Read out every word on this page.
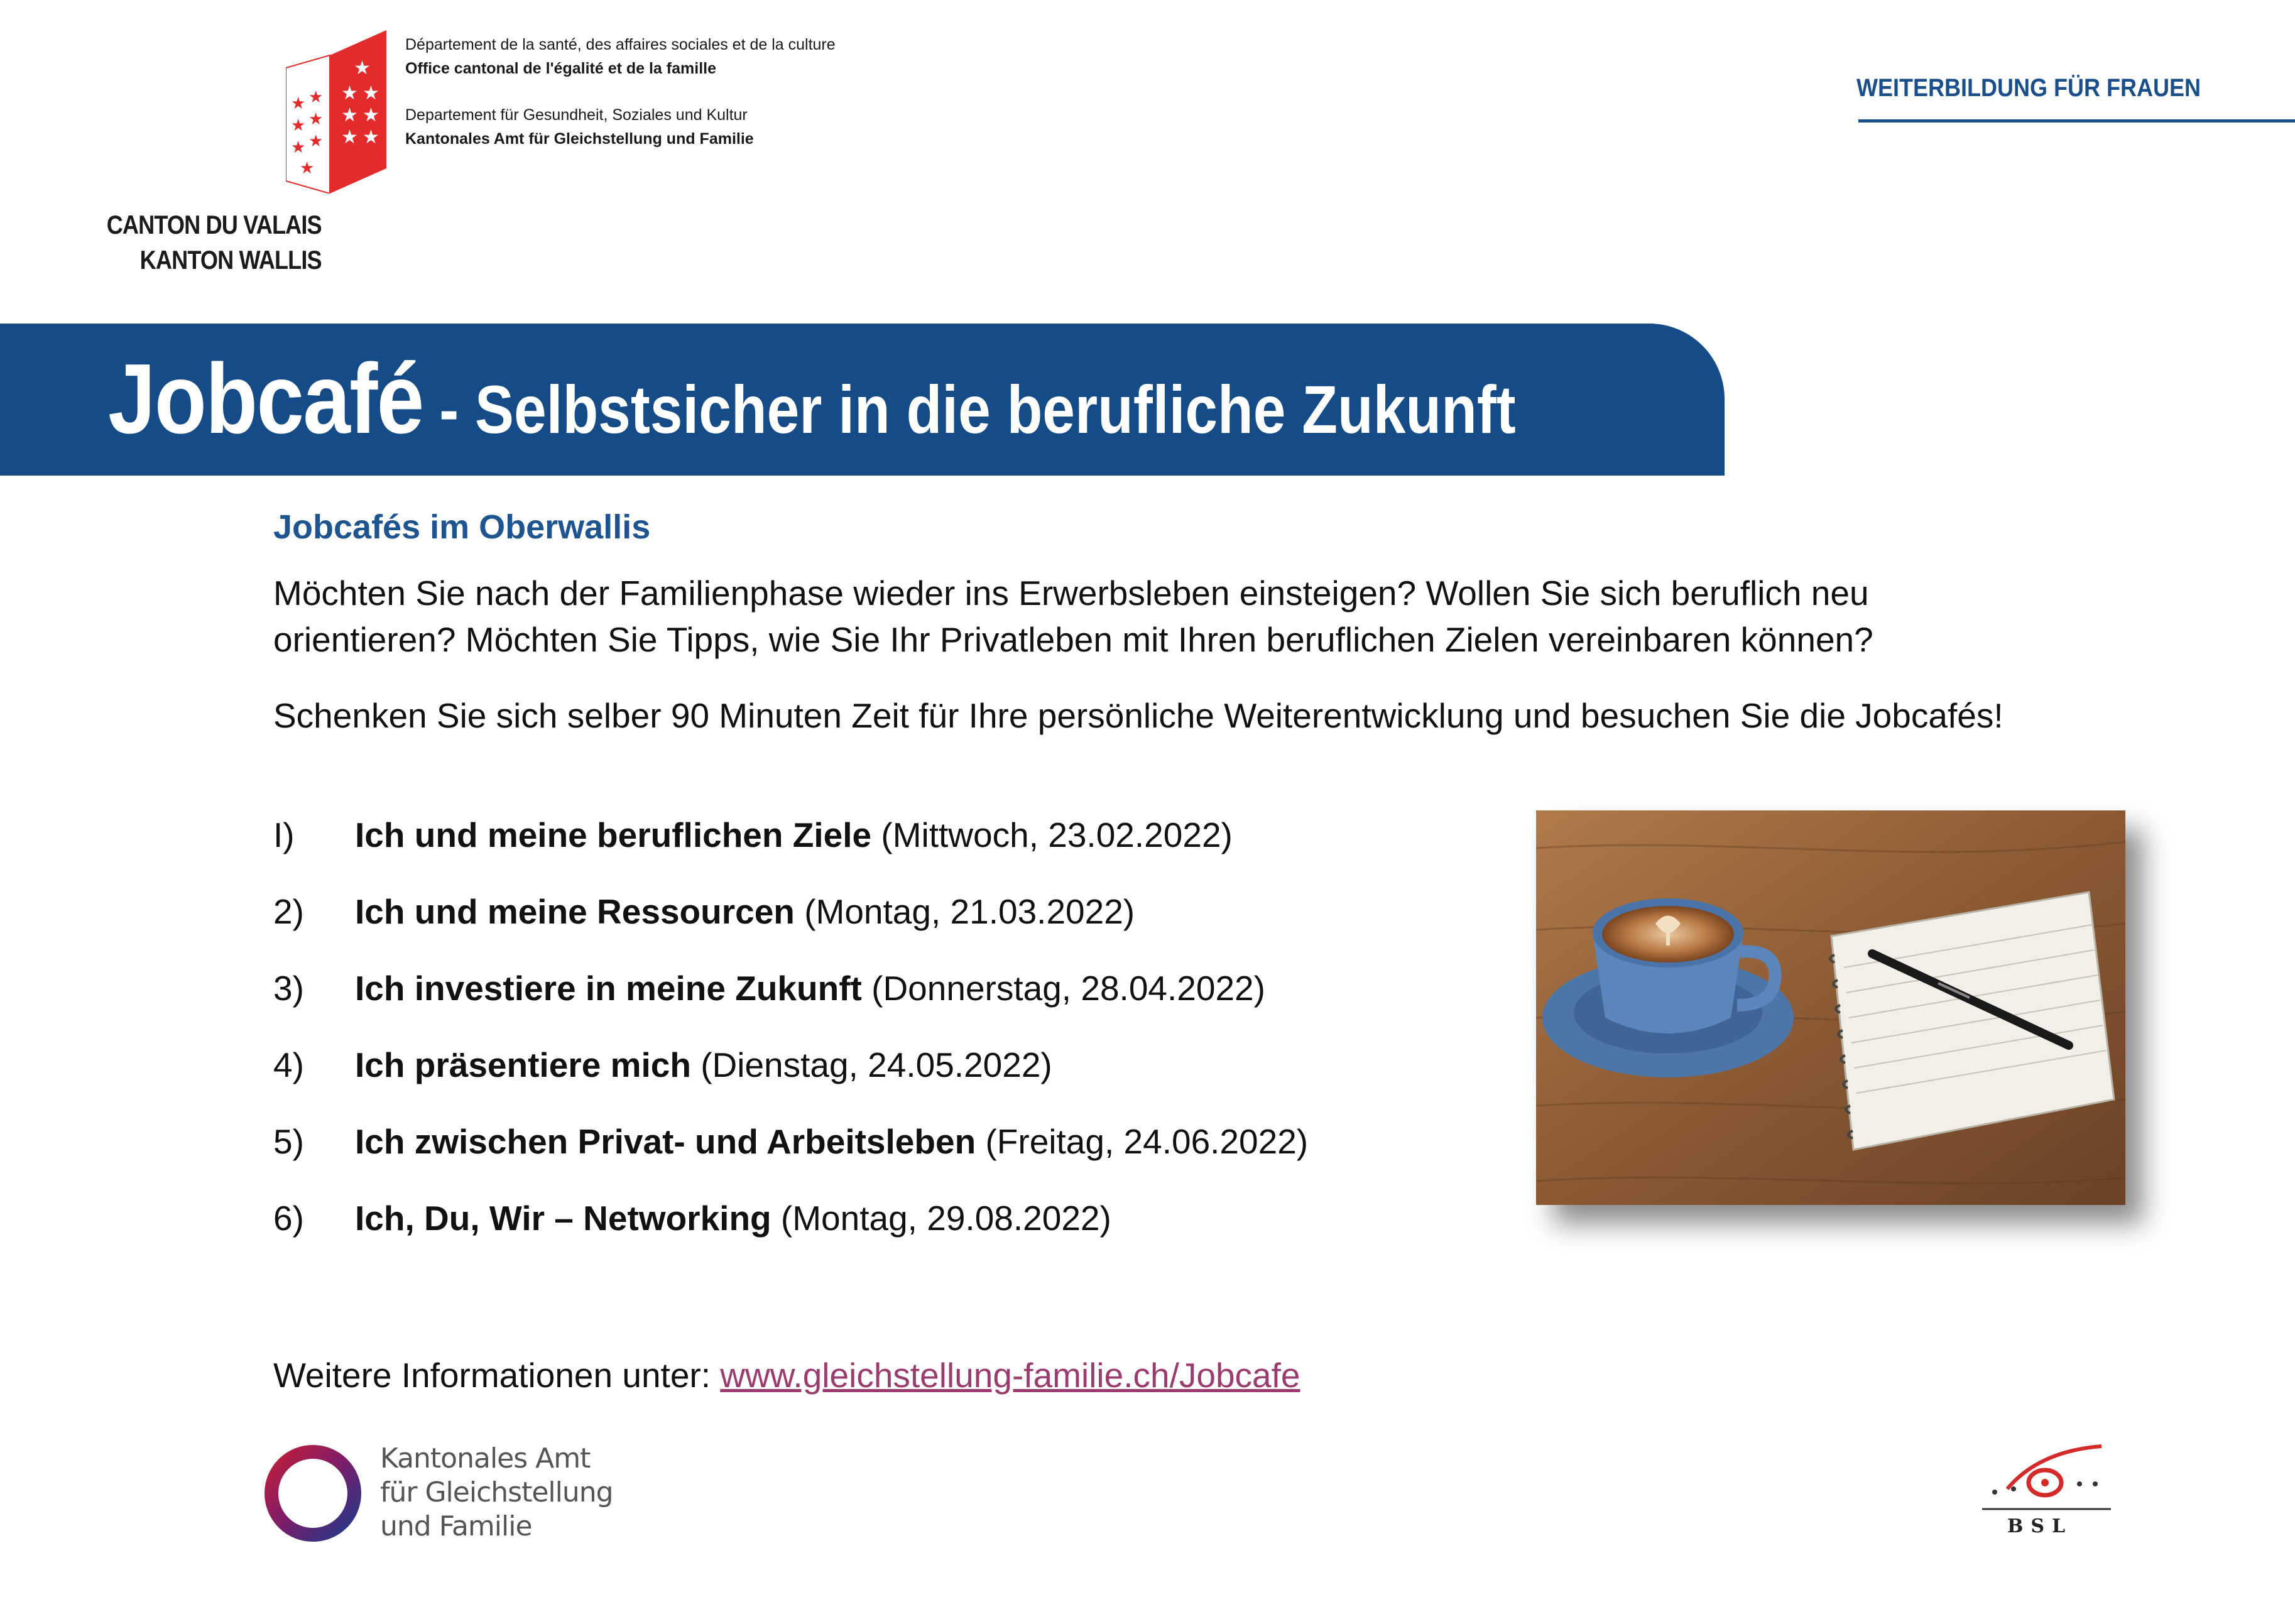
★
★ ★
★ ★
★ ★
★ ★
★ ★
★ ★
★
Département de la santé, des affaires sociales et de la culture
Office cantonal de l'égalité et de la famille
Departement für Gesundheit, Soziales und Kultur
Kantonales Amt für Gleichstellung und Familie
CANTON DU VALAIS
KANTON WALLIS
WEITERBILDUNG FÜR FRAUEN
Jobcafé - Selbstsicher in die berufliche Zukunft
Jobcafés im Oberwallis
Möchten Sie nach der Familienphase wieder ins Erwerbsleben einsteigen? Wollen Sie sich beruflich neu orientieren? Möchten Sie Tipps, wie Sie Ihr Privatleben mit Ihren beruflichen Zielen vereinbaren können?
Schenken Sie sich selber 90 Minuten Zeit für Ihre persönliche Weiterentwicklung und besuchen Sie die Jobcafés!
I) Ich und meine beruflichen Ziele (Mittwoch, 23.02.2022)
2) Ich und meine Ressourcen (Montag, 21.03.2022)
3) Ich investiere in meine Zukunft (Donnerstag, 28.04.2022)
4) Ich präsentiere mich (Dienstag, 24.05.2022)
5) Ich zwischen Privat- und Arbeitsleben (Freitag, 24.06.2022)
6) Ich, Du, Wir – Networking (Montag, 29.08.2022)
Weitere Informationen unter: www.gleichstellung-familie.ch/Jobcafe
Kantonales Amt
für Gleichstellung
und Familie	BSL
